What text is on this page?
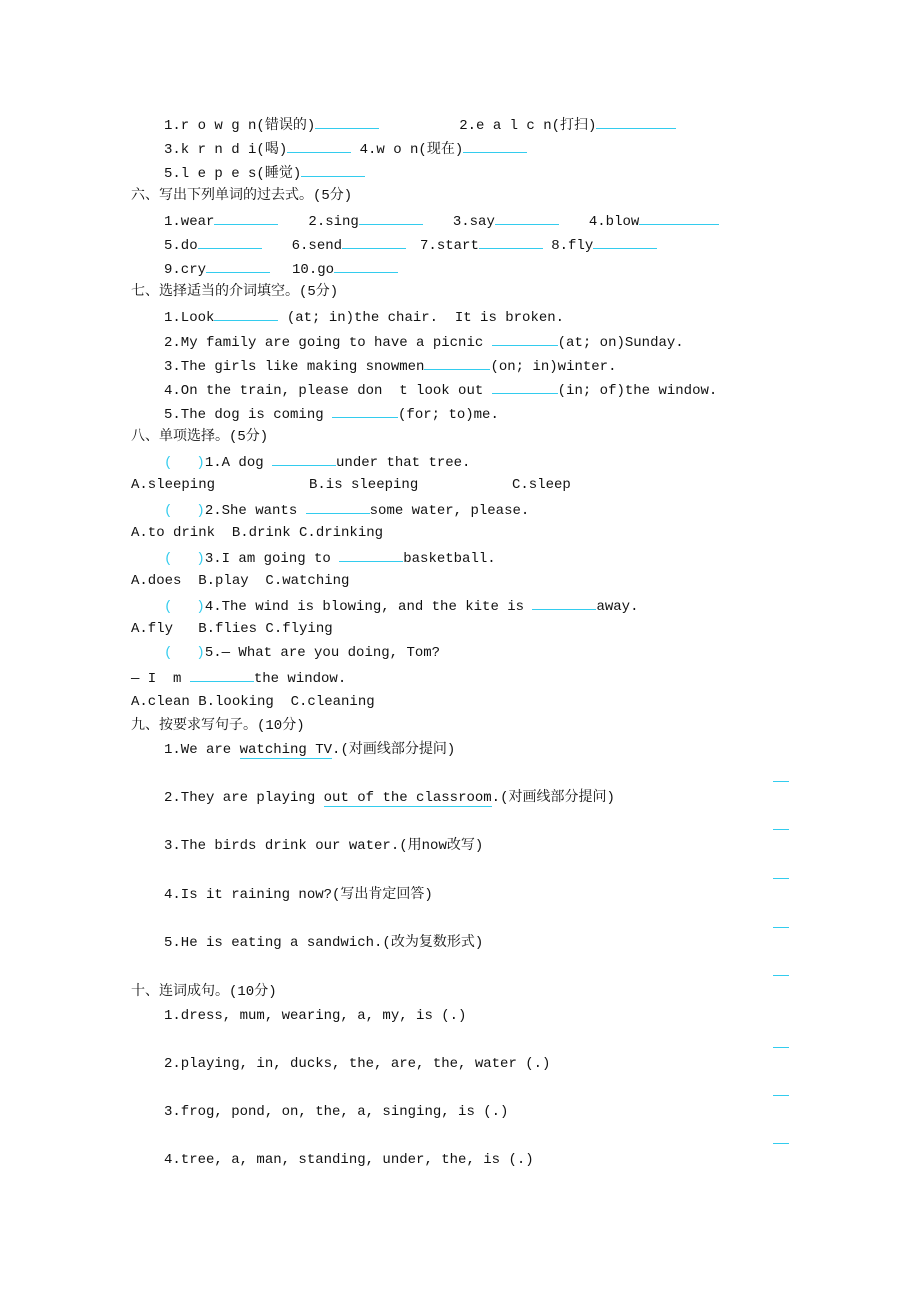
1.r o w g n(错误的)	2.e a l c n(打扫)
3.k r n d i(喝)	4.w o n(现在)
5.l e p e s(睡觉)
六、写出下列单词的过去式。(5分)
1.wear	2.sing	3.say	4.blow
5.do	6.send	7.start	8.fly
9.cry	10.go
七、选择适当的介词填空。(5分)
1.Look	(at; in)the chair.  It is broken.
2.My family are going to have a picnic	(at; on)Sunday.
3.The girls like making snowmen	(on; in)winter.
4.On the train, please don  t look out	(in; of)the window.
5.The dog is coming	(for; to)me.
八、单项选择。(5分)
( )1.A dog	under that tree.
A.sleeping	B.is sleeping	C.sleep
( )2.She wants	some water, please.
A.to drink  B.drink C.drinking
( )3.I am going to	basketball.
A.does  B.play  C.watching
( )4.The wind is blowing, and the kite is	away.
A.fly   B.flies C.flying
( )5.— What are you doing, Tom?
— I  m	the window.
A.clean B.looking  C.cleaning
九、按要求写句子。(10分)
1.We are watching TV.(对画线部分提问)
2.They are playing out of the classroom.(对画线部分提问)
3.The birds drink our water.(用now改写)
4.Is it raining now?(写出肯定回答)
5.He is eating a sandwich.(改为复数形式)
十、连词成句。(10分)
1.dress, mum, wearing, a, my, is (.)
2.playing, in, ducks, the, are, the, water (.)
3.frog, pond, on, the, a, singing, is (.)
4.tree, a, man, standing, under, the, is (.)
